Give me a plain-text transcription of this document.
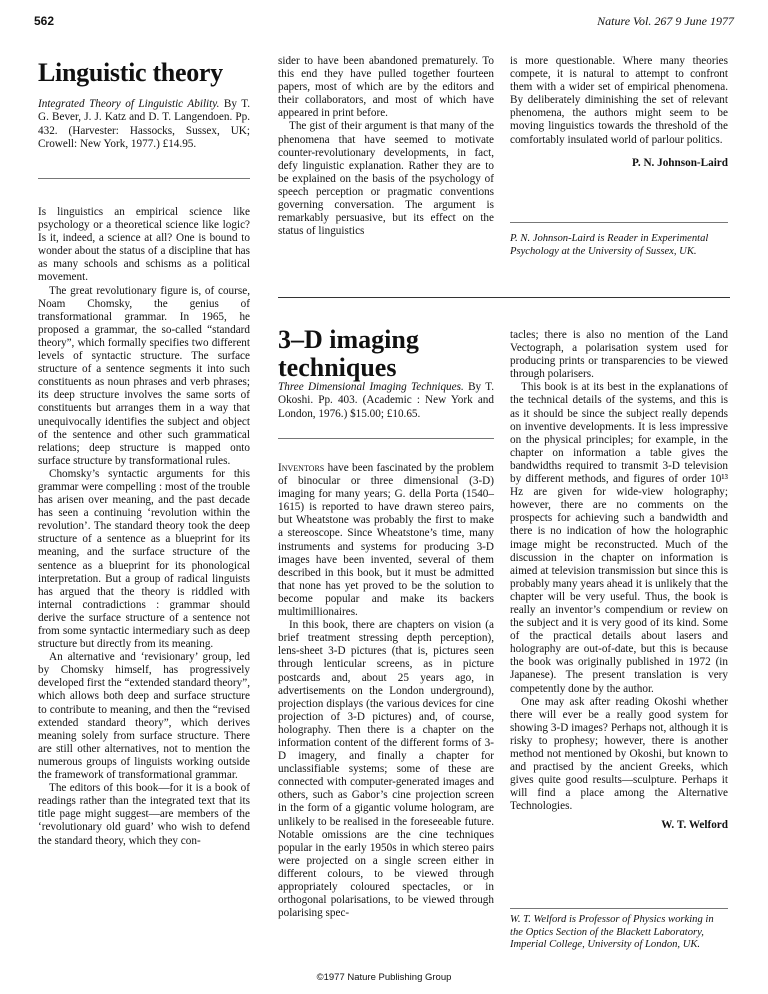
562	Nature Vol. 267 9 June 1977
Linguistic theory

Integrated Theory of Linguistic Ability. By T. G. Bever, J. J. Katz and D. T. Langendoen. Pp. 432. (Harvester: Hassocks, Sussex, UK; Crowell: New York, 1977.) £14.95.

Is linguistics an empirical science like psychology or a theoretical science like logic? Is it, indeed, a science at all? One is bound to wonder about the status of a discipline that has as many schools and schisms as a political movement.

The great revolutionary figure is, of course, Noam Chomsky, the genius of transformational grammar. In 1965, he proposed a grammar, the so-called “standard theory”, which formally specifies two different levels of syntactic structure. The surface structure of a sentence segments it into such constituents as noun phrases and verb phrases; its deep structure involves the same sorts of constituents but arranges them in a way that unequivocally identifies the subject and object of the sentence and other such grammatical relations; deep structure is mapped onto surface structure by transformational rules.

Chomsky’s syntactic arguments for this grammar were compelling : most of the trouble has arisen over meaning, and the past decade has seen a continuing ‘revolution within the revolution’. The standard theory took the deep structure of a sentence as a blueprint for its meaning, and the surface structure of the sentence as a blueprint for its phonological interpretation. But a group of radical linguists has argued that the theory is riddled with internal contradictions : grammar should derive the surface structure of a sentence not from some syntactic intermediary such as deep structure but directly from its meaning.

An alternative and ‘revisionary’ group, led by Chomsky himself, has progressively developed first the “extended standard theory”, which allows both deep and surface structure to contribute to meaning, and then the “revised extended standard theory”, which derives meaning solely from surface structure. There are still other alternatives, not to mention the numerous groups of linguists working outside the framework of transformational grammar.

The editors of this book—for it is a book of readings rather than the integrated text that its title page might suggest—are members of the ‘revolutionary old guard’ who wish to defend the standard theory, which they con-

sider to have been abandoned prematurely. To this end they have pulled together fourteen papers, most of which are by the editors and their collaborators, and most of which have appeared in print before.

The gist of their argument is that many of the phenomena that have seemed to motivate counter-revolutionary developments, in fact, defy linguistic explanation. Rather they are to be explained on the basis of the psychology of speech perception or pragmatic conventions governing conversation. The argument is remarkably persuasive, but its effect on the status of linguistics

is more questionable. Where many theories compete, it is natural to attempt to confront them with a wider set of empirical phenomena. By deliberately diminishing the set of relevant phenomena, the authors might seem to be moving linguistics towards the threshold of the comfortably insulated world of parlour politics.

P. N. Johnson-Laird

P. N. Johnson-Laird is Reader in Experimental Psychology at the University of Sussex, UK.
3–D imaging
techniques

Three Dimensional Imaging Techniques. By T. Okoshi. Pp. 403. (Academic : New York and London, 1976.) $15.00; £10.65.

Inventors have been fascinated by the problem of binocular or three dimensional (3-D) imaging for many years; G. della Porta (1540–1615) is reported to have drawn stereo pairs, but Wheatstone was probably the first to make a stereoscope. Since Wheatstone’s time, many instruments and systems for producing 3-D images have been invented, several of them described in this book, but it must be admitted that none has yet proved to be the solution to become popular and make its backers multimillionaires.

In this book, there are chapters on vision (a brief treatment stressing depth perception), lens-sheet 3-D pictures (that is, pictures seen through lenticular screens, as in picture postcards and, about 25 years ago, in advertisements on the London underground), projection displays (the various devices for cine projection of 3-D pictures) and, of course, holography. Then there is a chapter on the information content of the different forms of 3-D imagery, and finally a chapter for unclassifiable systems; some of these are connected with computer-generated images and others, such as Gabor’s cine projection screen in the form of a gigantic volume hologram, are unlikely to be realised in the foreseeable future. Notable omissions are the cine techniques popular in the early 1950s in which stereo pairs were projected on a single screen either in different colours, to be viewed through appropriately coloured spectacles, or in orthogonal polarisations, to be viewed through polarising spec-

tacles; there is also no mention of the Land Vectograph, a polarisation system used for producing prints or transparencies to be viewed through polarisers.

This book is at its best in the explanations of the technical details of the systems, and this is as it should be since the subject really depends on inventive developments. It is less impressive on the physical principles; for example, in the chapter on information a table gives the bandwidths required to transmit 3-D television by different methods, and figures of order 10¹³ Hz are given for wide-view holography; however, there are no comments on the prospects for achieving such a bandwidth and there is no indication of how the holographic image might be reconstructed. Much of the discussion in the chapter on information is aimed at television transmission but since this is probably many years ahead it is unlikely that the chapter will be very useful. Thus, the book is really an inventor’s compendium or review on the subject and it is very good of its kind. Some of the practical details about lasers and holography are out-of-date, but this is because the book was originally published in 1972 (in Japanese). The present translation is very competently done by the author.

One may ask after reading Okoshi whether there will ever be a really good system for showing 3-D images? Perhaps not, although it is risky to prophesy; however, there is another method not mentioned by Okoshi, but known to and practised by the ancient Greeks, which gives quite good results—sculpture. Perhaps it will find a place among the Alternative Technologies.

W. T. Welford

W. T. Welford is Professor of Physics working in the Optics Section of the Blackett Laboratory, Imperial College, University of London, UK.
©1977 Nature Publishing Group
